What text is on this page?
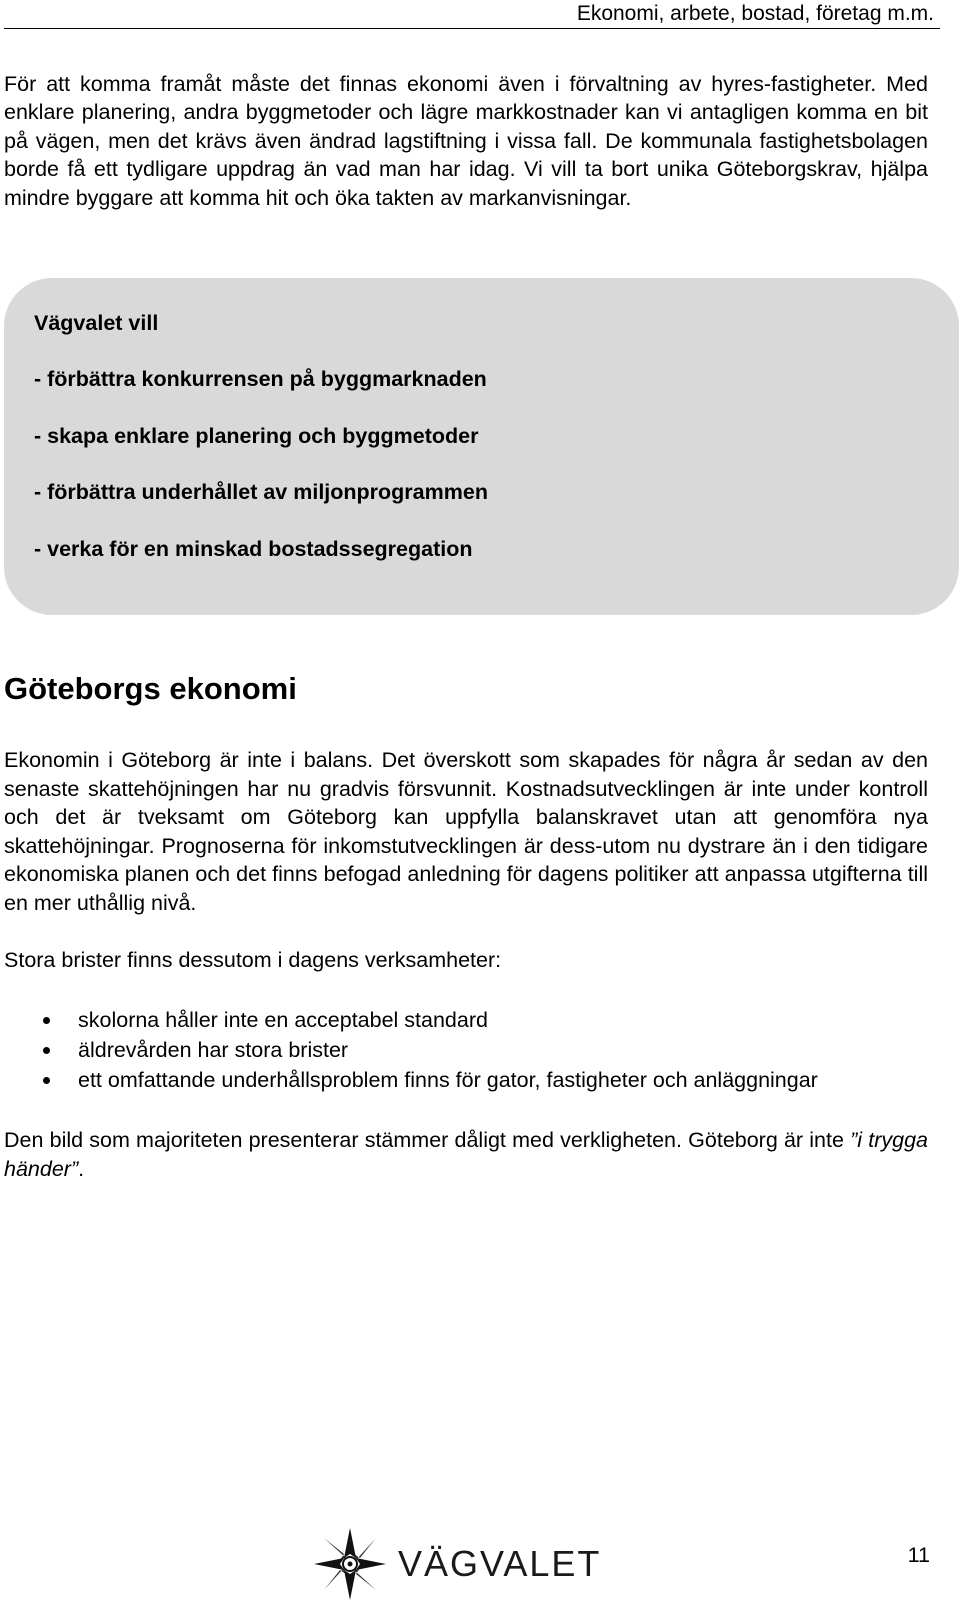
Ekonomi, arbete, bostad, företag m.m.

För att komma framåt måste det finnas ekonomi även i förvaltning av hyres-fastigheter. Med enklare planering, andra byggmetoder och lägre markkostnader kan vi antagligen komma en bit på vägen, men det krävs även ändrad lagstiftning i vissa fall. De kommunala fastighetsbolagen borde få ett tydligare uppdrag än vad man har idag. Vi vill ta bort unika Göteborgskrav, hjälpa mindre byggare att komma hit och öka takten av markanvisningar.

Vägvalet vill
- förbättra konkurrensen på byggmarknaden
- skapa enklare planering och byggmetoder
- förbättra underhållet av miljonprogrammen
- verka för en minskad bostadssegregation
Göteborgs ekonomi

Ekonomin i Göteborg är inte i balans. Det överskott som skapades för några år sedan av den senaste skattehöjningen har nu gradvis försvunnit. Kostnadsutvecklingen är inte under kontroll och det är tveksamt om Göteborg kan uppfylla balanskravet utan att genomföra nya skattehöjningar. Prognoserna för inkomstutvecklingen är dess-utom nu dystrare än i den tidigare ekonomiska planen och det finns befogad anledning för dagens politiker att anpassa utgifterna till en mer uthållig nivå.

Stora brister finns dessutom i dagens verksamheter:

skolorna håller inte en acceptabel standard
äldrevården har stora brister
ett omfattande underhållsproblem finns för gator, fastigheter och anläggningar

Den bild som majoriteten presenterar stämmer dåligt med verkligheten. Göteborg är inte ”i trygga händer”.

VÄGVALET	11
